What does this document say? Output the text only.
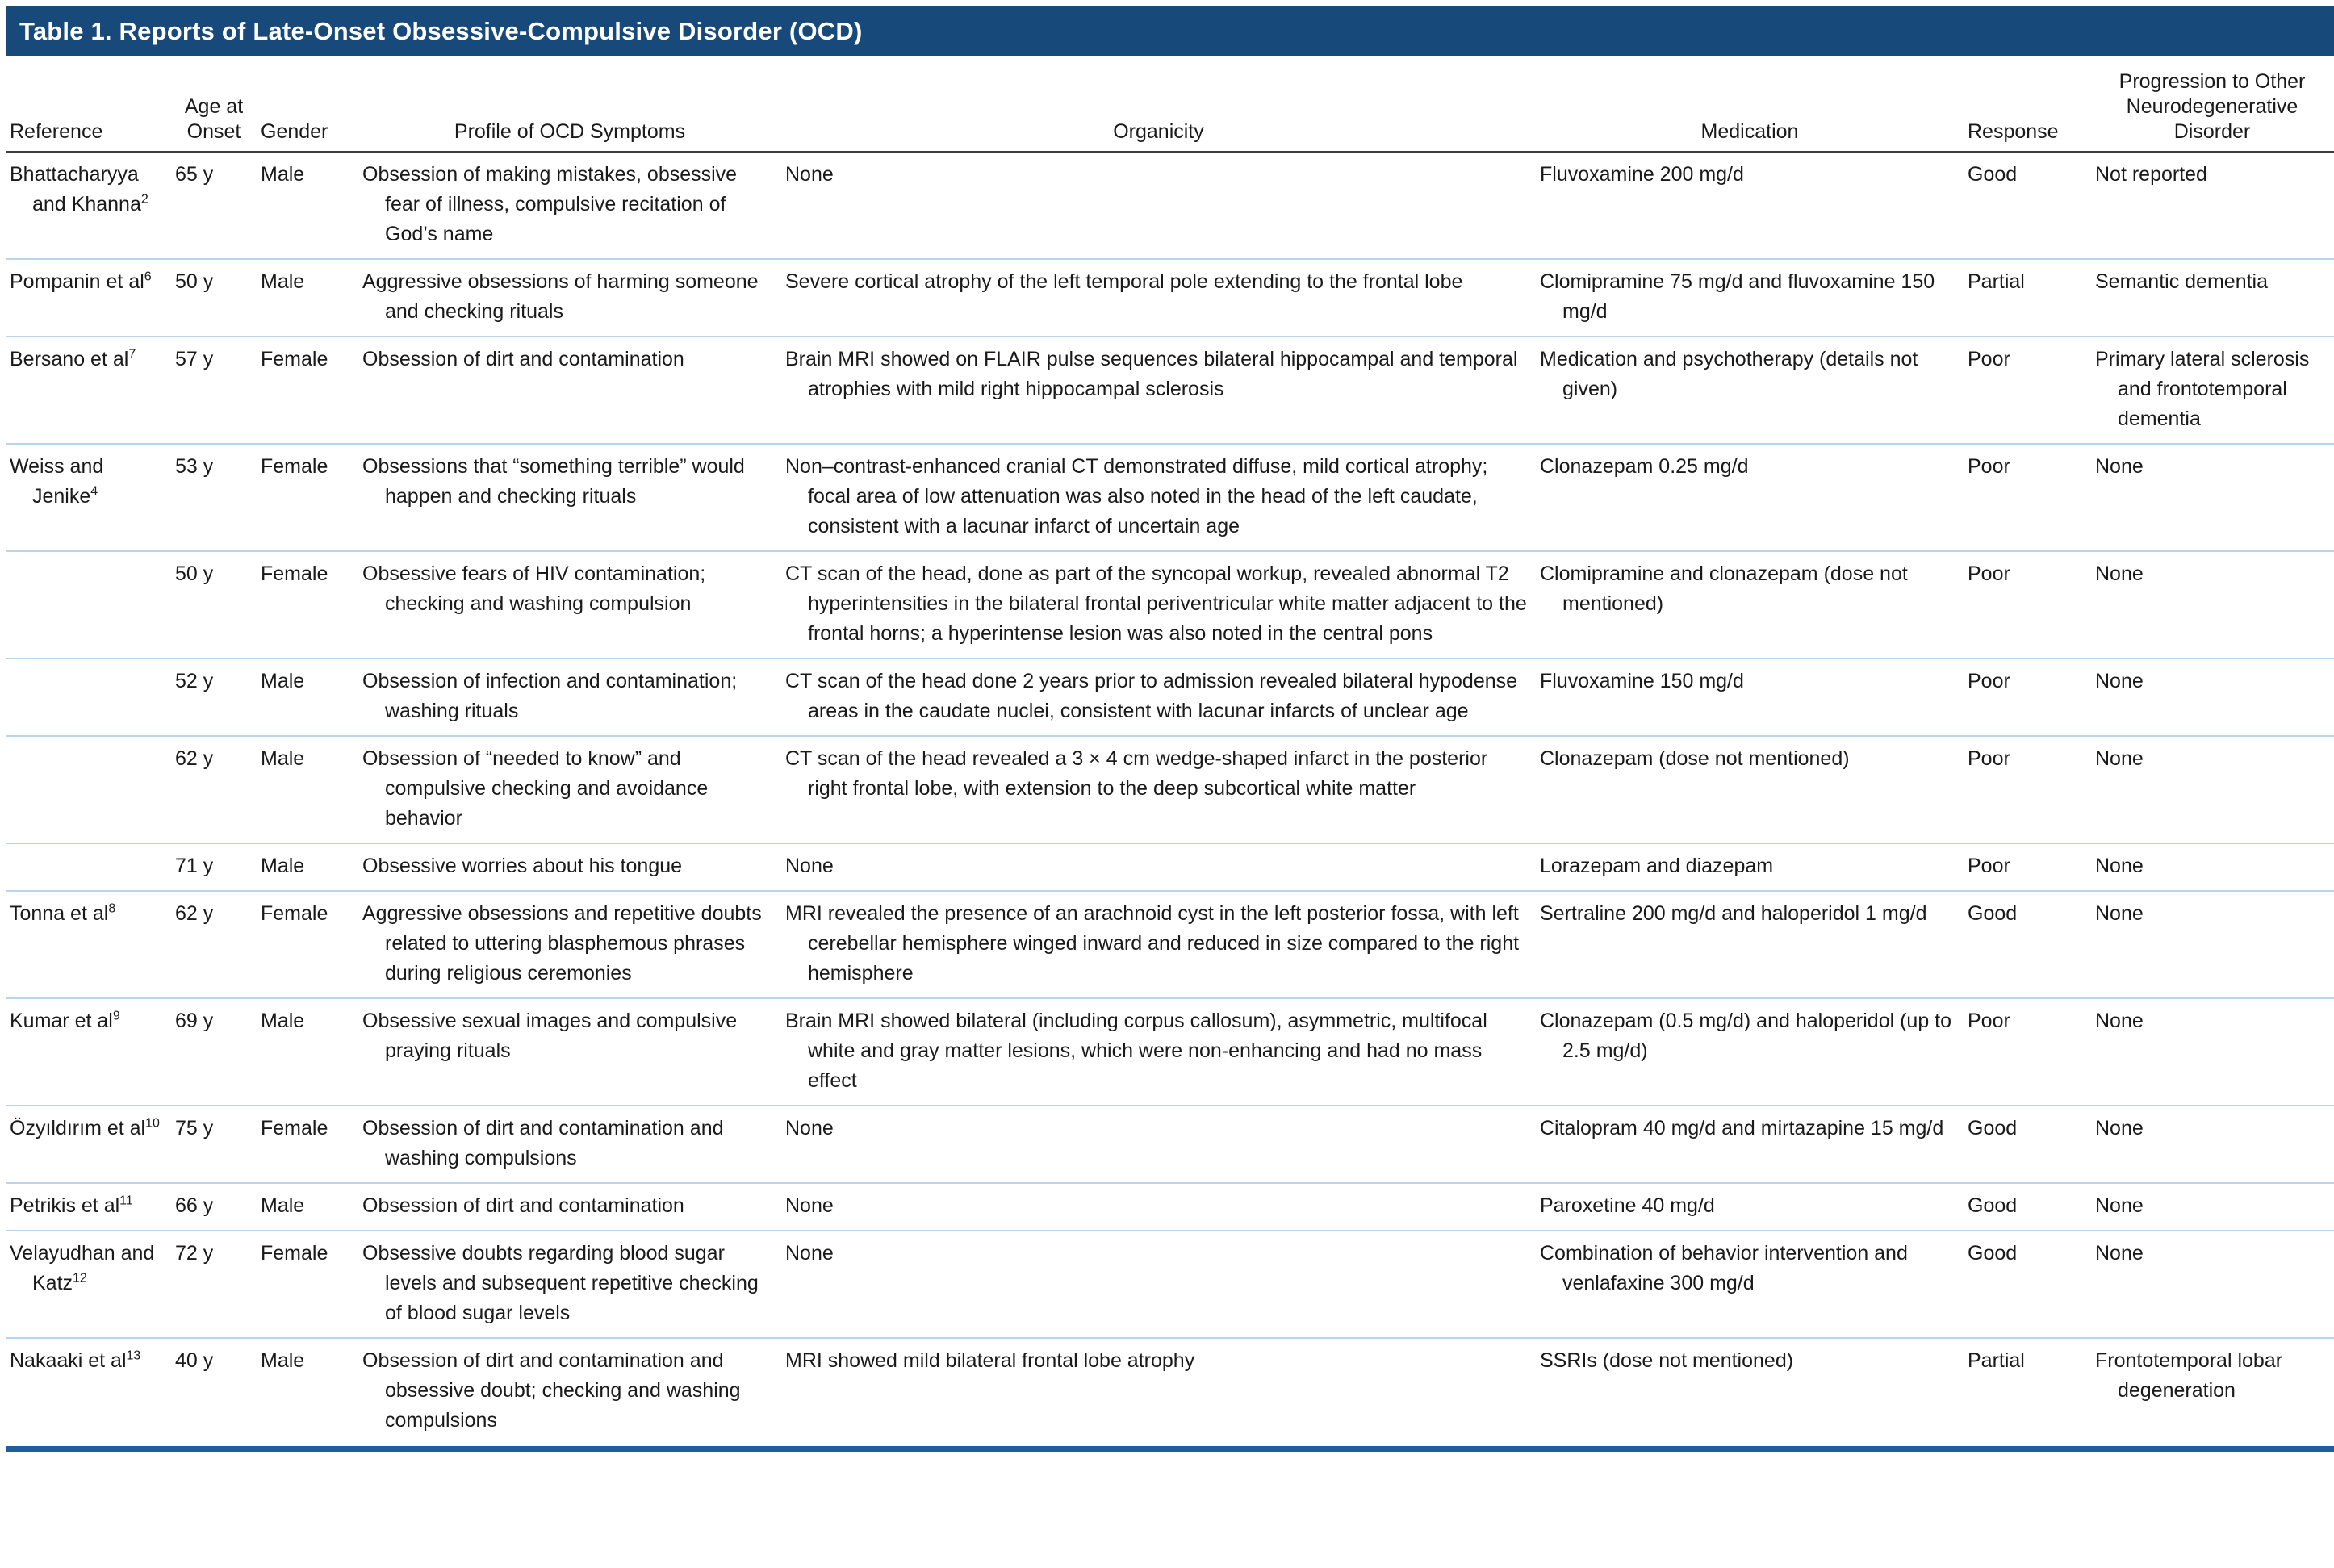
Table 1. Reports of Late-Onset Obsessive-Compulsive Disorder (OCD)
Reference	Age at Onset	Gender	Profile of OCD Symptoms	Organicity	Medication	Response	Progression to Other Neurodegenerative Disorder

Bhattacharyya and Khanna$^2$	65 y	Male	Obsession of making mistakes, obsessive fear of illness, compulsive recitation of God’s name	None	Fluvoxamine 200 mg/d	Good	Not reported

Pompanin et $al^6$	50 y	Male	Aggressive obsessions of harming someone and checking rituals	Severe cortical atrophy of the left temporal pole extending to the frontal lobe	Clomipramine 75 mg/d and fluvoxamine 150 mg/d	Partial	Semantic dementia

Bersano et $al^7$	57 y	Female	Obsession of dirt and contamination	Brain MRI showed on FLAIR pulse sequences bilateral hippocampal and temporal atrophies with mild right hippocampal sclerosis	Medication and psychotherapy (details not given)	Poor	Primary lateral sclerosis and frontotemporal dementia

Weiss and Jenike$^4$	53 y	Female	Obsessions that “something terrible” would happen and checking rituals	Non–contrast-enhanced cranial CT demonstrated diffuse, mild cortical atrophy; focal area of low attenuation was also noted in the head of the left caudate, consistent with a lacunar infarct of uncertain age	Clonazepam 0.25 mg/d	Poor	None

	50 y	Female	Obsessive fears of HIV contamination; checking and washing compulsion	CT scan of the head, done as part of the syncopal workup, revealed abnormal T2 hyperintensities in the bilateral frontal periventricular white matter adjacent to the frontal horns; a hyperintense lesion was also noted in the central pons	Clomipramine and clonazepam (dose not mentioned)	Poor	None

	52 y	Male	Obsession of infection and contamination; washing rituals	CT scan of the head done 2 years prior to admission revealed bilateral hypodense areas in the caudate nuclei, consistent with lacunar infarcts of unclear age	Fluvoxamine 150 mg/d	Poor	None

	62 y	Male	Obsession of “needed to know” and compulsive checking and avoidance behavior	CT scan of the head revealed a 3 × 4 cm wedge-shaped infarct in the posterior right frontal lobe, with extension to the deep subcortical white matter	Clonazepam (dose not mentioned)	Poor	None

	71 y	Male	Obsessive worries about his tongue	None	Lorazepam and diazepam	Poor	None

Tonna et $al^8$	62 y	Female	Aggressive obsessions and repetitive doubts related to uttering blasphemous phrases during religious ceremonies	MRI revealed the presence of an arachnoid cyst in the left posterior fossa, with left cerebellar hemisphere winged inward and reduced in size compared to the right hemisphere	Sertraline 200 mg/d and haloperidol 1 mg/d	Good	None

Kumar et $al^9$	69 y	Male	Obsessive sexual images and compulsive praying rituals	Brain MRI showed bilateral (including corpus callosum), asymmetric, multifocal white and gray matter lesions, which were non-enhancing and had no mass effect	Clonazepam (0.5 mg/d) and haloperidol (up to 2.5 mg/d)	Poor	None

Özyıldırım et $al^{10}$	75 y	Female	Obsession of dirt and contamination and washing compulsions	None	Citalopram 40 mg/d and mirtazapine 15 mg/d	Good	None

Petrikis et $al^{11}$	66 y	Male	Obsession of dirt and contamination	None	Paroxetine 40 mg/d	Good	None

Velayudhan and Katz$^{12}$	72 y	Female	Obsessive doubts regarding blood sugar levels and subsequent repetitive checking of blood sugar levels	None	Combination of behavior intervention and venlafaxine 300 mg/d	Good	None

Nakaaki et $al^{13}$	40 y	Male	Obsession of dirt and contamination and obsessive doubt; checking and washing compulsions	MRI showed mild bilateral frontal lobe atrophy	SSRIs (dose not mentioned)	Partial	Frontotemporal lobar degeneration
